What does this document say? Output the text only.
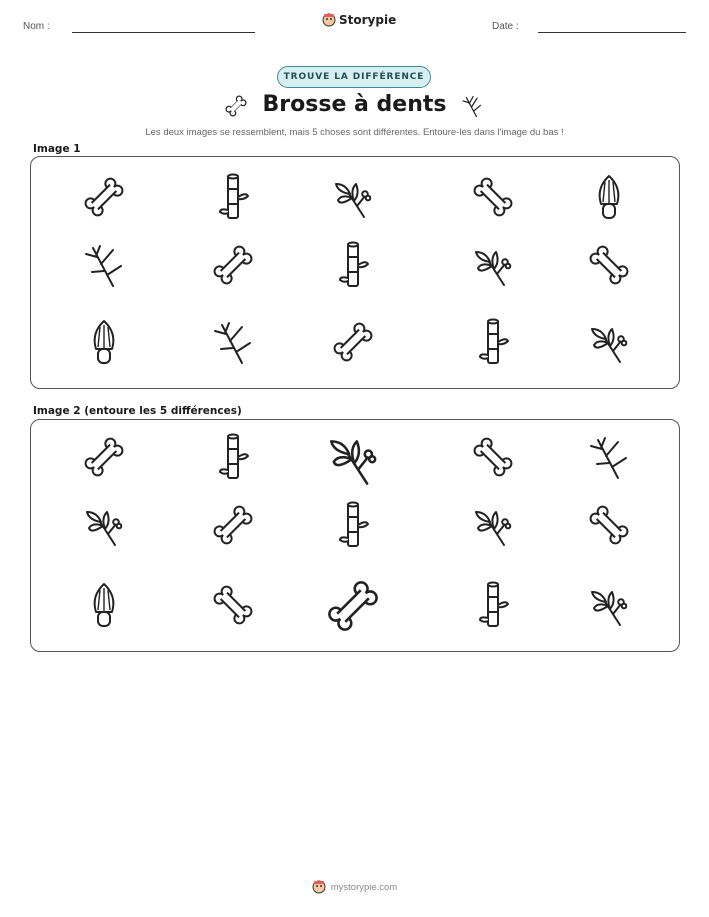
Nom :	Storypie	Date :
TROUVE LA DIFFÉRENCE
Brosse à dents
Les deux images se ressemblent, mais 5 choses sont différentes. Entoure-les dans l'image du bas !
Image 1
Image 2 (entoure les 5 différences)
mystorypie.com
